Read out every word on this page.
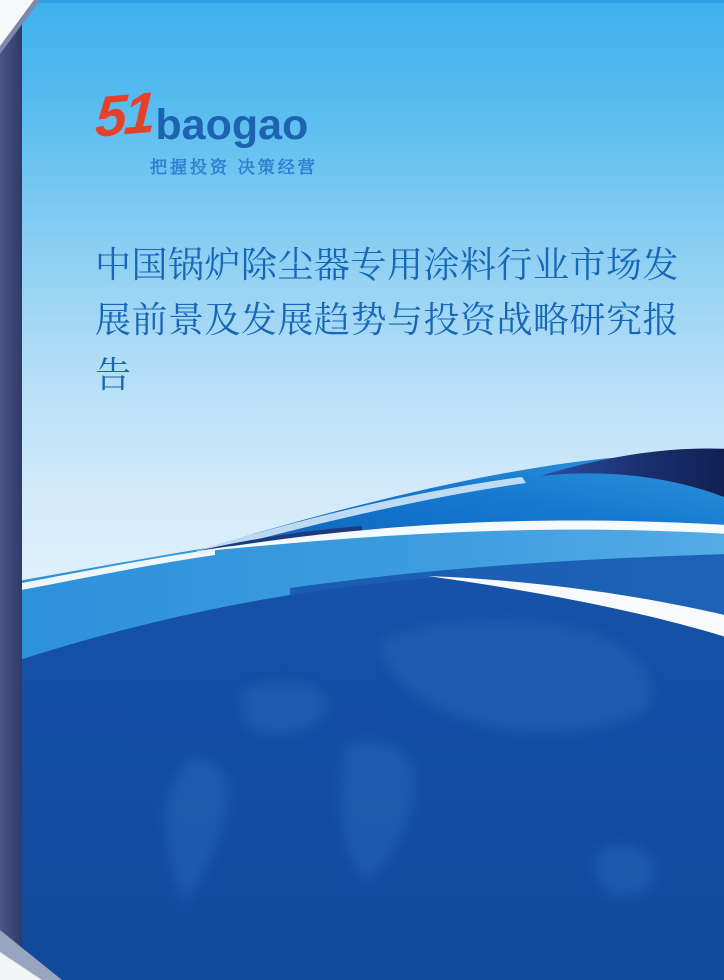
51 baogao
把握投资 决策经营
中国锅炉除尘器专用涂料行业市场发展前景及发展趋势与投资战略研究报告
